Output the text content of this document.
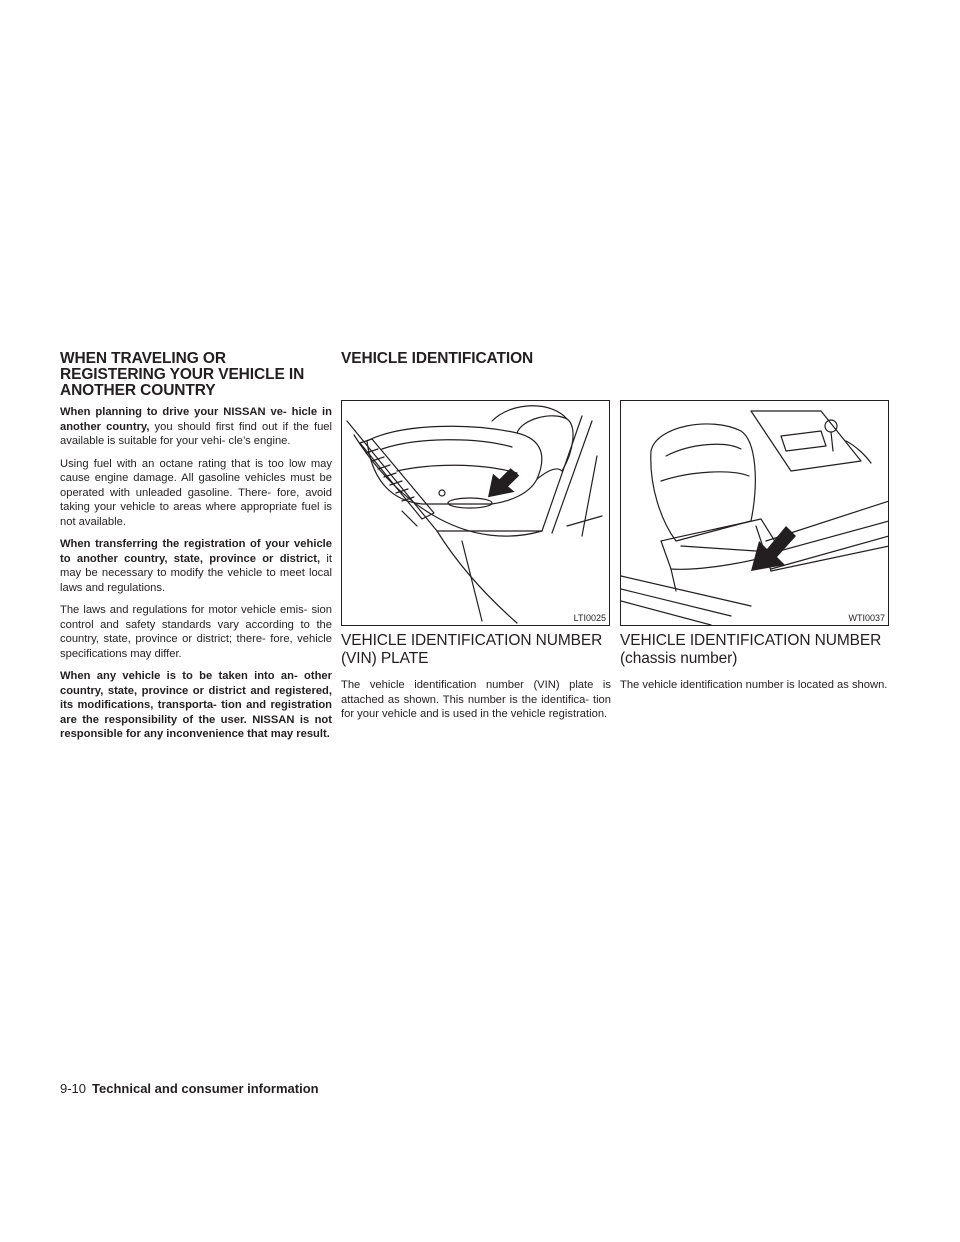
WHEN TRAVELING OR REGISTERING YOUR VEHICLE IN ANOTHER COUNTRY

When planning to drive your NISSAN ve- hicle in another country, you should first find out if the fuel available is suitable for your vehi- cle’s engine.

Using fuel with an octane rating that is too low may cause engine damage. All gasoline vehicles must be operated with unleaded gasoline. There- fore, avoid taking your vehicle to areas where appropriate fuel is not available.

When transferring the registration of your vehicle to another country, state, province or district, it may be necessary to modify the vehicle to meet local laws and regulations.

The laws and regulations for motor vehicle emis- sion control and safety standards vary according to the country, state, province or district; there- fore, vehicle specifications may differ.

When any vehicle is to be taken into an- other country, state, province or district and registered, its modifications, transporta- tion and registration are the responsibility of the user. NISSAN is not responsible for any inconvenience that may result.

VEHICLE IDENTIFICATION
LTI0025
VEHICLE IDENTIFICATION NUMBER (VIN) PLATE

The vehicle identification number (VIN) plate is attached as shown. This number is the identifica- tion for your vehicle and is used in the vehicle registration.

WTI0037
VEHICLE IDENTIFICATION NUMBER (chassis number)

The vehicle identification number is located as shown.

9-10 Technical and consumer information
